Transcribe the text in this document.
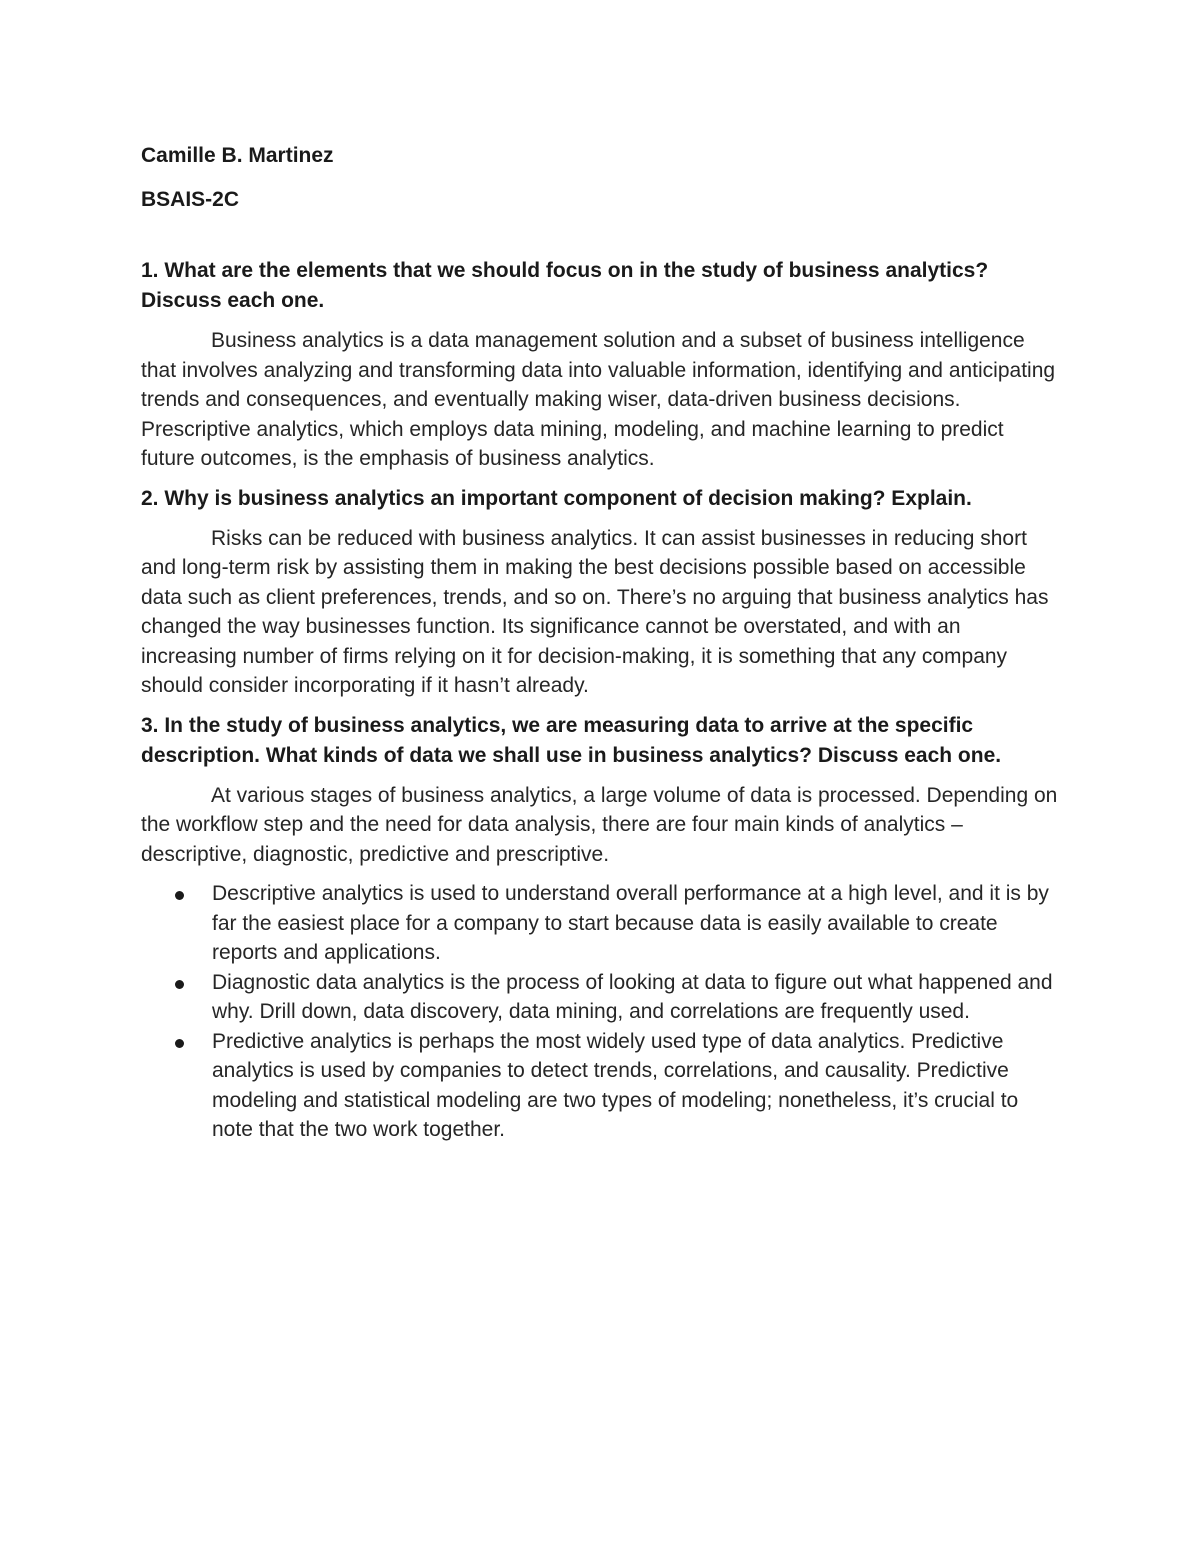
Camille B. Martinez

BSAIS-2C

1. What are the elements that we should focus on in the study of business analytics? Discuss each one.

Business analytics is a data management solution and a subset of business intelligence that involves analyzing and transforming data into valuable information, identifying and anticipating trends and consequences, and eventually making wiser, data-driven business decisions. Prescriptive analytics, which employs data mining, modeling, and machine learning to predict future outcomes, is the emphasis of business analytics.

2. Why is business analytics an important component of decision making? Explain.

Risks can be reduced with business analytics. It can assist businesses in reducing short and long-term risk by assisting them in making the best decisions possible based on accessible data such as client preferences, trends, and so on. There’s no arguing that business analytics has changed the way businesses function. Its significance cannot be overstated, and with an increasing number of firms relying on it for decision-making, it is something that any company should consider incorporating if it hasn’t already.

3. In the study of business analytics, we are measuring data to arrive at the specific description. What kinds of data we shall use in business analytics? Discuss each one.

At various stages of business analytics, a large volume of data is processed. Depending on the workflow step and the need for data analysis, there are four main kinds of analytics – descriptive, diagnostic, predictive and prescriptive.

Descriptive analytics is used to understand overall performance at a high level, and it is by far the easiest place for a company to start because data is easily available to create reports and applications.
Diagnostic data analytics is the process of looking at data to figure out what happened and why. Drill down, data discovery, data mining, and correlations are frequently used.
Predictive analytics is perhaps the most widely used type of data analytics. Predictive analytics is used by companies to detect trends, correlations, and causality. Predictive modeling and statistical modeling are two types of modeling; nonetheless, it’s crucial to note that the two work together.
